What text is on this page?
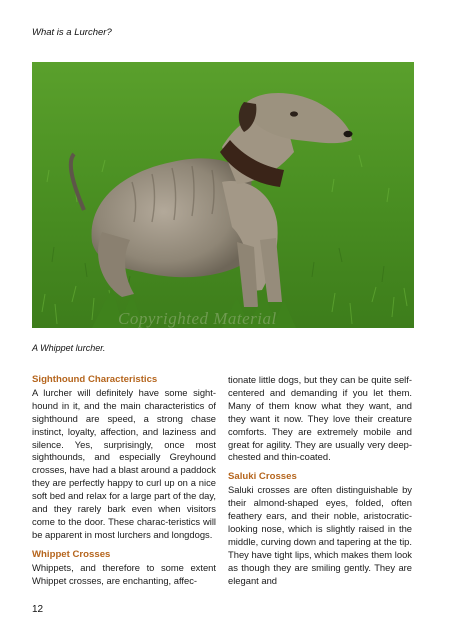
What is a Lurcher?
Copyrighted Material
A Whippet lurcher.
Sighthound Characteristics

A lurcher will definitely have some sight-hound in it, and the main characteristics of sighthound are speed, a strong chase instinct, loyalty, affection, and laziness and silence. Yes, surprisingly, once most sighthounds, and especially Greyhound crosses, have had a blast around a paddock they are perfectly happy to curl up on a nice soft bed and relax for a large part of the day, and they rarely bark even when visitors come to the door. These charac-teristics will be apparent in most lurchers and longdogs.

Whippet Crosses

Whippets, and therefore to some extent Whippet crosses, are enchanting, affec-

tionate little dogs, but they can be quite self-centered and demanding if you let them. Many of them know what they want, and they want it now. They love their creature comforts. They are extremely mobile and great for agility. They are usually very deep-chested and thin-coated.

Saluki Crosses

Saluki crosses are often distinguishable by their almond-shaped eyes, folded, often feathery ears, and their noble, aristocratic-looking nose, which is slightly raised in the middle, curving down and tapering at the tip. They have tight lips, which makes them look as though they are smiling gently. They are elegant and

12
